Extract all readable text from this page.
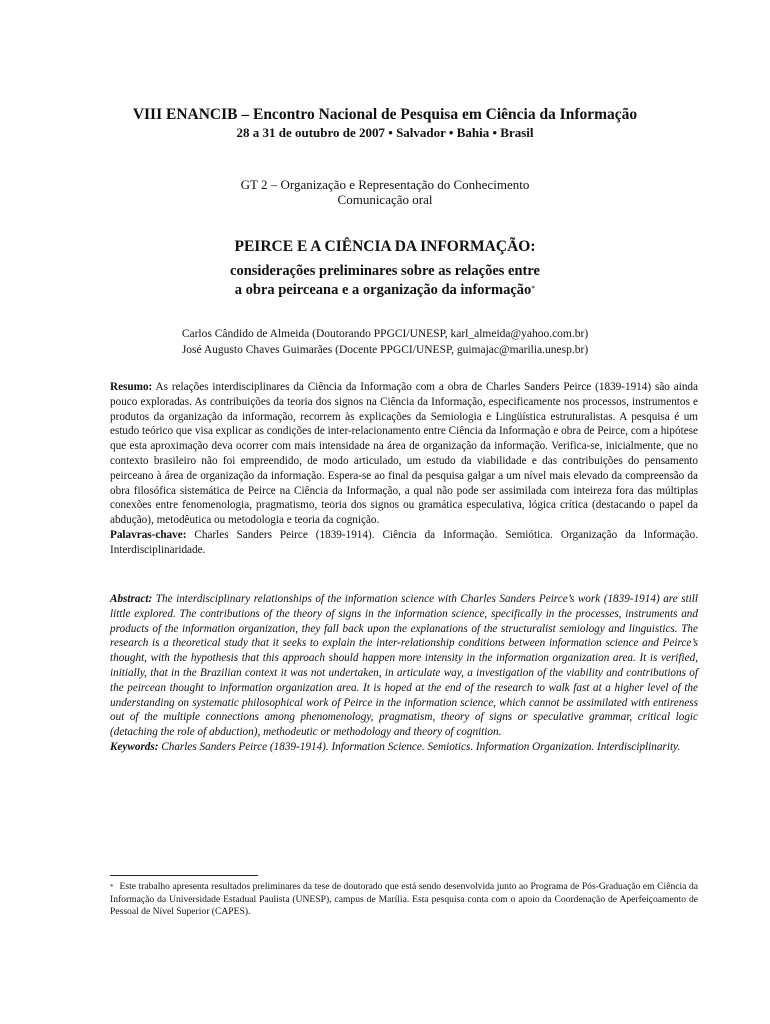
VIII ENANCIB – Encontro Nacional de Pesquisa em Ciência da Informação
28 a 31 de outubro de 2007 • Salvador • Bahia • Brasil
GT 2 – Organização e Representação do Conhecimento
Comunicação oral
PEIRCE E A CIÊNCIA DA INFORMAÇÃO:
considerações preliminares sobre as relações entre
a obra peirceana e a organização da informação*
Carlos Cândido de Almeida (Doutorando PPGCI/UNESP, karl_almeida@yahoo.com.br)
José Augusto Chaves Guimarães (Docente PPGCI/UNESP, guimajac@marilia.unesp.br)
Resumo: As relações interdisciplinares da Ciência da Informação com a obra de Charles Sanders Peirce (1839-1914) são ainda pouco exploradas. As contribuições da teoria dos signos na Ciência da Informação, especificamente nos processos, instrumentos e produtos da organização da informação, recorrem às explicações da Semiologia e Lingüística estruturalistas. A pesquisa é um estudo teórico que visa explicar as condições de inter-relacionamento entre Ciência da Informação e obra de Peirce, com a hipótese que esta aproximação deva ocorrer com mais intensidade na área de organização da informação. Verifica-se, inicialmente, que no contexto brasileiro não foi empreendido, de modo articulado, um estudo da viabilidade e das contribuições do pensamento peirceano à área de organização da informação. Espera-se ao final da pesquisa galgar a um nível mais elevado da compreensão da obra filosófica sistemática de Peirce na Ciência da Informação, a qual não pode ser assimilada com inteireza fora das múltiplas conexões entre fenomenologia, pragmatismo, teoria dos signos ou gramática especulativa, lógica crítica (destacando o papel da abdução), metodêutica ou metodologia e teoria da cognição.
Palavras-chave: Charles Sanders Peirce (1839-1914). Ciência da Informação. Semiótica. Organização da Informação. Interdisciplinaridade.
Abstract: The interdisciplinary relationships of the information science with Charles Sanders Peirce’s work (1839-1914) are still little explored. The contributions of the theory of signs in the information science, specifically in the processes, instruments and products of the information organization, they fall back upon the explanations of the structuralist semiology and linguistics. The research is a theoretical study that it seeks to explain the inter-relationship conditions between information science and Peirce’s thought, with the hypothesis that this approach should happen more intensity in the information organization area. It is verified, initially, that in the Brazilian context it was not undertaken, in articulate way, a investigation of the viability and contributions of the peircean thought to information organization area. It is hoped at the end of the research to walk fast at a higher level of the understanding on systematic philosophical work of Peirce in the information science, which cannot be assimilated with entireness out of the multiple connections among phenomenology, pragmatism, theory of signs or speculative grammar, critical logic (detaching the role of abduction), methodeutic or methodology and theory of cognition.
Keywords: Charles Sanders Peirce (1839-1914). Information Science. Semiotics. Information Organization. Interdisciplinarity.
* Este trabalho apresenta resultados preliminares da tese de doutorado que está sendo desenvolvida junto ao Programa de Pós-Graduação em Ciência da Informação da Universidade Estadual Paulista (UNESP), campus de Marília. Esta pesquisa conta com o apoio da Coordenação de Aperfeiçoamento de Pessoal de Nível Superior (CAPES).
